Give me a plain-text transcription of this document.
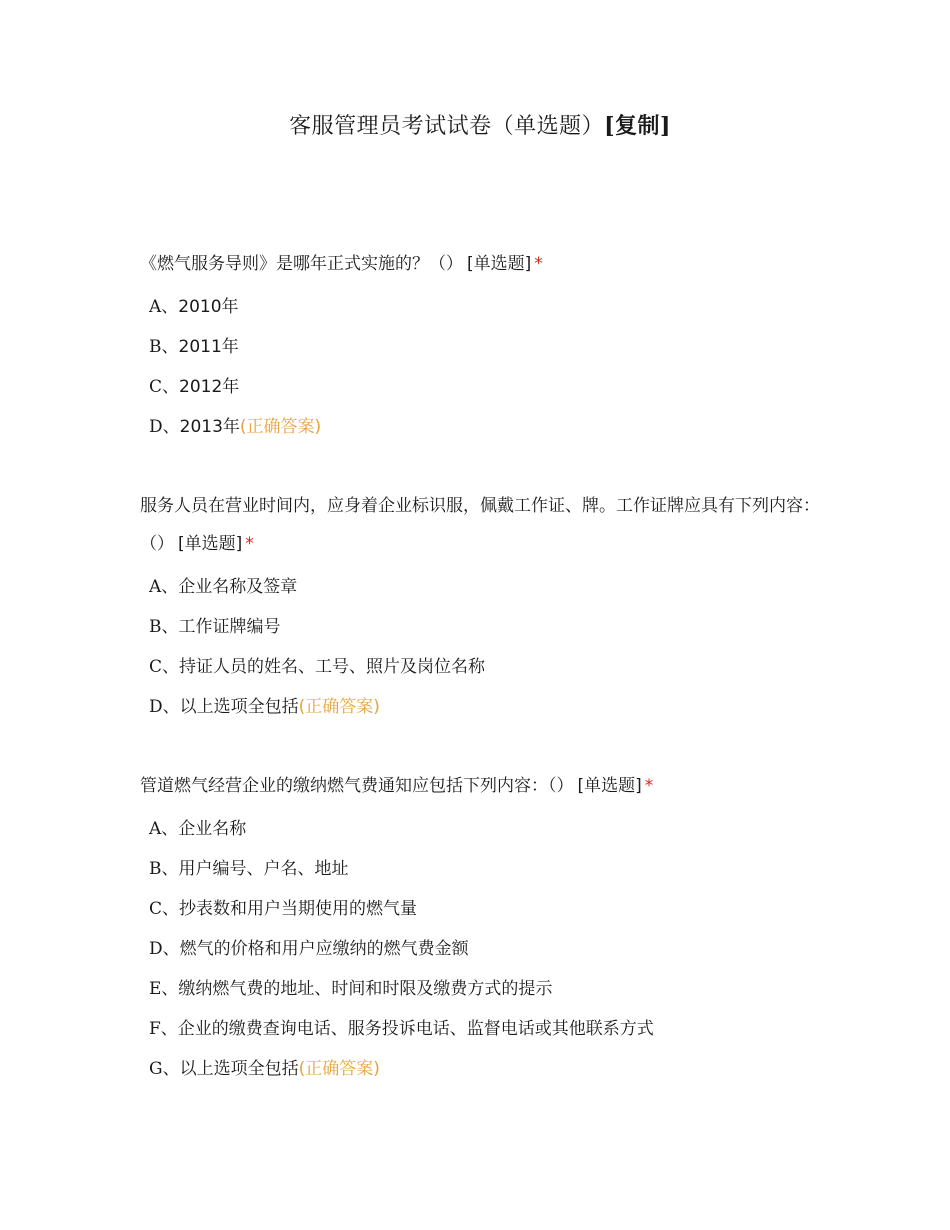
客服管理员考试试卷（单选题）[复制]
《燃气服务导则》是哪年正式实施的？（） [单选题] *
A、2010年
B、2011年
C、2012年
D、2013年(正确答案)
服务人员在营业时间内，应身着企业标识服，佩戴工作证、牌。工作证牌应具有下列内容：（） [单选题] *
A、企业名称及签章
B、工作证牌编号
C、持证人员的姓名、工号、照片及岗位名称
D、以上选项全包括(正确答案)
管道燃气经营企业的缴纳燃气费通知应包括下列内容：（） [单选题] *
A、企业名称
B、用户编号、户名、地址
C、抄表数和用户当期使用的燃气量
D、燃气的价格和用户应缴纳的燃气费金额
E、缴纳燃气费的地址、时间和时限及缴费方式的提示
F、企业的缴费查询电话、服务投诉电话、监督电话或其他联系方式
G、以上选项全包括(正确答案)
